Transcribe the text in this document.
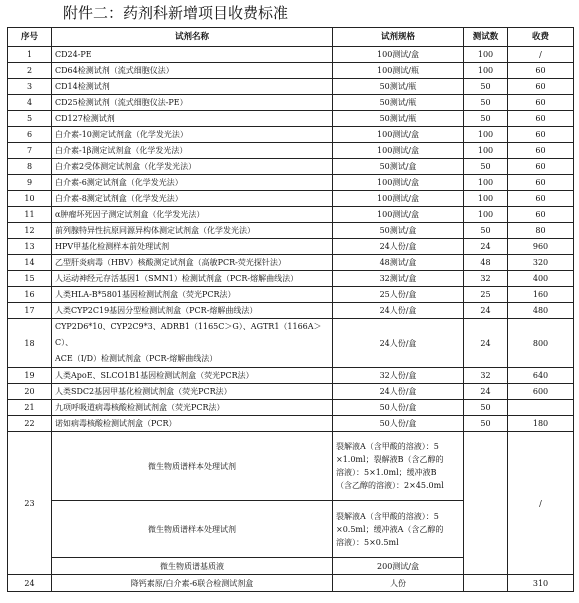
附件二：药剂科新增项目收费标准
序号	试剂名称	试剂规格	测试数	收费
1	CD24-PE	100测试/盒	100	/
2	CD64检测试剂（流式细胞仪法）	100测试/瓶	100	60
3	CD14检测试剂	50测试/瓶	50	60
4	CD25检测试剂（流式细胞仪法-PE）	50测试/瓶	50	60
5	CD127检测试剂	50测试/瓶	50	60
6	白介素-10测定试剂盒（化学发光法）	100测试/盒	100	60
7	白介素-1β测定试剂盒（化学发光法）	100测试/盒	100	60
8	白介素2受体测定试剂盒（化学发光法）	50测试/盒	50	60
9	白介素-6测定试剂盒（化学发光法）	100测试/盒	100	60
10	白介素-8测定试剂盒（化学发光法）	100测试/盒	100	60
11	α肿瘤坏死因子测定试剂盒（化学发光法）	100测试/盒	100	60
12	前列腺特异性抗原同源异构体测定试剂盒（化学发光法）	50测试/盒	50	80
13	HPV甲基化检测样本前处理试剂	24人份/盒	24	960
14	乙型肝炎病毒（HBV）核酸测定试剂盒（高敏PCR-荧光探针法）	48测试/盒	48	320
15	人运动神经元存活基因1（SMN1）检测试剂盒（PCR-熔解曲线法）	32测试/盒	32	400
16	人类HLA-B*5801基因检测试剂盒（荧光PCR法）	25人份/盒	25	160
17	人类CYP2C19基因分型检测试剂盒（PCR-熔解曲线法）	24人份/盒	24	480
18	CYP2D6*10、CYP2C9*3、ADRB1（1165C＞G）、AGTR1（1166A＞C）、
ACE（I/D）检测试剂盒（PCR-熔解曲线法）	24人份/盒	24	800
19	人类ApoE、SLCO1B1基因检测试剂盒（荧光PCR法）	32人份/盒	32	640
20	人类SDC2基因甲基化检测试剂盒（荧光PCR法）	24人份/盒	24	600
21	九项呼吸道病毒核酸检测试剂盒（荧光PCR法）	50人份/盒	50	
22	诺如病毒核酸检测试剂盒（PCR）	50人份/盒	50	180
23	微生物质谱样本处理试剂	裂解液A（含甲酸的溶液）：5
×1.0ml；裂解液B（含乙醇的
溶液）：5×1.0ml；缓冲液B
（含乙醇的溶液）：2×45.0ml		/
	微生物质谱样本处理试剂	裂解液A（含甲酸的溶液）：5
×0.5ml；缓冲液A（含乙醇的
溶液）：5×0.5ml		

	微生物质谱基质液	200测试/盒		

24	降钙素原/白介素-6联合检测试剂盒	人份		310
